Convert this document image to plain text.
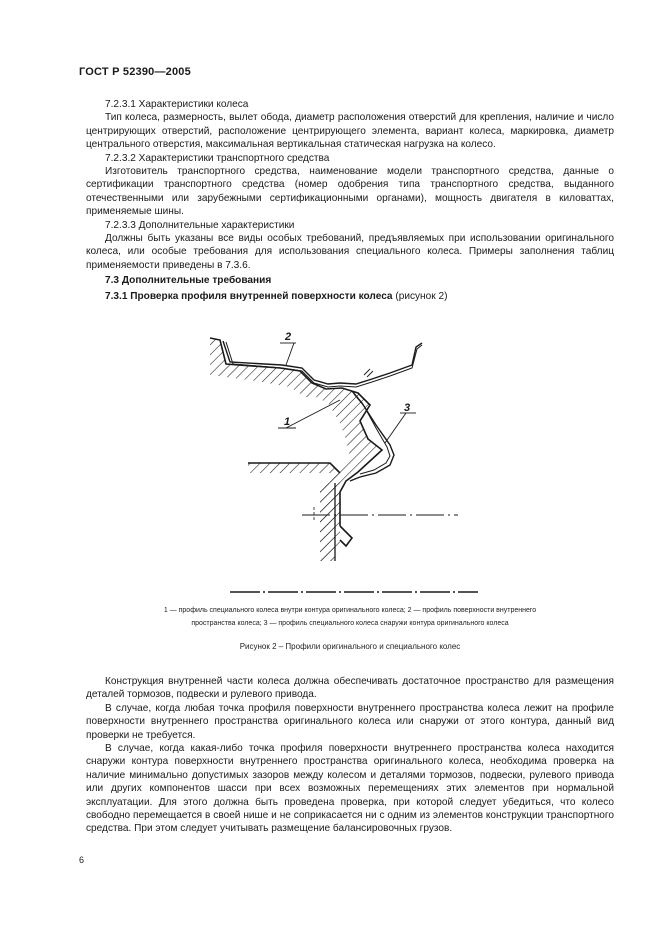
ГОСТ Р 52390—2005

7.2.3.1 Характеристики колеса

Тип колеса, размерность, вылет обода, диаметр расположения отверстий для крепления, наличие и число центрирующих отверстий, расположение центрирующего элемента, вариант колеса, маркировка, диаметр центрального отверстия, максимальная вертикальная статическая нагрузка на колесо.

7.2.3.2 Характеристики транспортного средства

Изготовитель транспортного средства, наименование модели транспортного средства, данные о сертификации транспортного средства (номер одобрения типа транспортного средства, выданного отечественными или зарубежными сертификационными органами), мощность двигателя в киловаттах, применяемые шины.

7.2.3.3 Дополнительные характеристики

Должны быть указаны все виды особых требований, предъявляемых при использовании оригинального колеса, или особые требования для использования специального колеса. Примеры заполнения таблиц применяемости приведены в 7.3.6.

7.3 Дополнительные требования

7.3.1 Проверка профиля внутренней поверхности колеса (рисунок 2)

2
1
3
1 — профиль специального колеса внутри контура оригинального колеса; 2 — профиль поверхности внутреннего
пространства колеса; 3 — профиль специального колеса снаружи контура оригинального колеса
Рисунок 2 – Профили оригинального и специального колес

Конструкция внутренней части колеса должна обеспечивать достаточное пространство для размещения деталей тормозов, подвески и рулевого привода.

В случае, когда любая точка профиля поверхности внутреннего пространства колеса лежит на профиле поверхности внутреннего пространства оригинального колеса или снаружи от этого контура, данный вид проверки не требуется.

В случае, когда какая-либо точка профиля поверхности внутреннего пространства колеса находится снаружи контура поверхности внутреннего пространства оригинального колеса, необходима проверка на наличие минимально допустимых зазоров между колесом и деталями тормозов, подвески, рулевого привода или других компонентов шасси при всех возможных перемещениях этих элементов при нормальной эксплуатации. Для этого должна быть проведена проверка, при которой следует убедиться, что колесо свободно перемещается в своей нише и не соприкасается ни с одним из элементов конструкции транспортного средства. При этом следует учитывать размещение балансировочных грузов.

6
